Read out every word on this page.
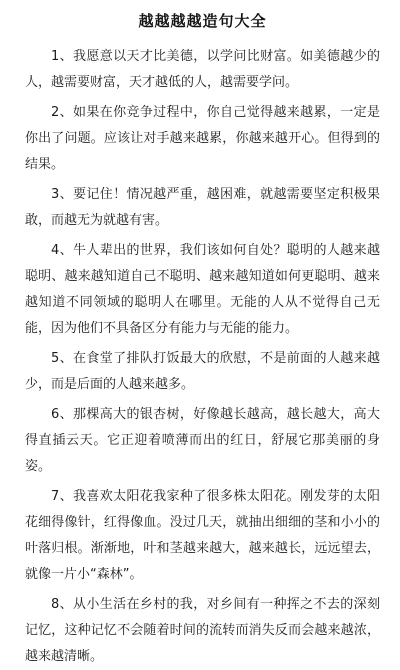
越越越越造句大全

1、我愿意以天才比美德，以学问比财富。如美德越少的人，越需要财富，天才越低的人，越需要学问。

2、如果在你竞争过程中，你自己觉得越来越累，一定是你出了问题。应该让对手越来越累，你越来越开心。但得到的结果。

3、要记住！情况越严重，越困难，就越需要坚定积极果敢，而越无为就越有害。

4、牛人辈出的世界，我们该如何自处？聪明的人越来越聪明、越来越知道自己不聪明、越来越知道如何更聪明、越来越知道不同领域的聪明人在哪里。无能的人从不觉得自己无能，因为他们不具备区分有能力与无能的能力。

5、在食堂了排队打饭最大的欣慰，不是前面的人越来越少，而是后面的人越来越多。

6、那棵高大的银杏树，好像越长越高，越长越大，高大得直插云天。它正迎着喷薄而出的红日，舒展它那美丽的身姿。

7、我喜欢太阳花我家种了很多株太阳花。刚发芽的太阳花细得像针，红得像血。没过几天，就抽出细细的茎和小小的叶落归根。渐渐地，叶和茎越来越大，越来越长，远远望去，就像一片小“森林”。

8、从小生活在乡村的我，对乡间有一种挥之不去的深刻记忆，这种记忆不会随着时间的流转而消失反而会越来越浓，越来越清晰。
